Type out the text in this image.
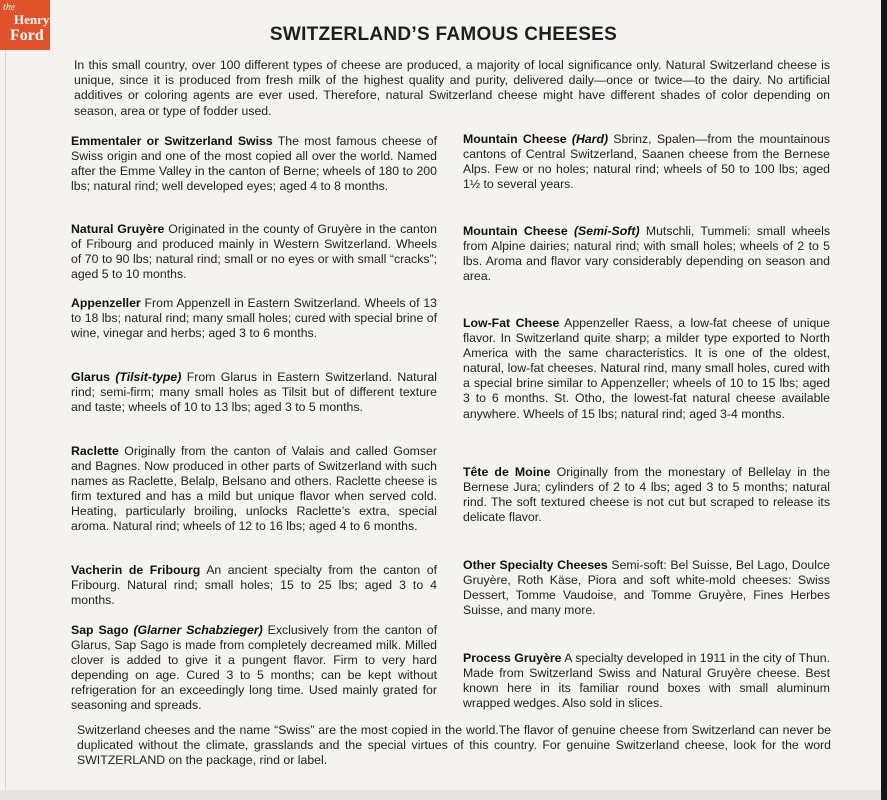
the
Henry
Ford	SWITZERLAND’S FAMOUS CHEESES

In this small country, over 100 different types of cheese are produced, a majority of local significance only. Natural Switzerland cheese is unique, since it is produced from fresh milk of the highest quality and purity, delivered daily—once or twice—to the dairy. No artificial additives or coloring agents are ever used. Therefore, natural Switzerland cheese might have different shades of color depending on season, area or type of fodder used.

Emmentaler or Switzerland Swiss The most famous cheese of Swiss origin and one of the most copied all over the world. Named after the Emme Valley in the canton of Berne; wheels of 180 to 200 lbs; natural rind; well developed eyes; aged 4 to 8 months.

Natural Gruyère Originated in the county of Gruyère in the canton of Fribourg and produced mainly in Western Switzerland. Wheels of 70 to 90 lbs; natural rind; small or no eyes or with small “cracks”; aged 5 to 10 months.

Appenzeller From Appenzell in Eastern Switzerland. Wheels of 13 to 18 lbs; natural rind; many small holes; cured with special brine of wine, vinegar and herbs; aged 3 to 6 months.

Glarus (Tilsit-type) From Glarus in Eastern Switzerland. Natural rind; semi-firm; many small holes as Tilsit but of different texture and taste; wheels of 10 to 13 lbs; aged 3 to 5 months.

Raclette Originally from the canton of Valais and called Gomser and Bagnes. Now produced in other parts of Switzerland with such names as Raclette, Belalp, Belsano and others. Raclette cheese is firm textured and has a mild but unique flavor when served cold. Heating, particularly broiling, unlocks Raclette’s extra, special aroma. Natural rind; wheels of 12 to 16 lbs; aged 4 to 6 months.

Vacherin de Fribourg An ancient specialty from the canton of Fribourg. Natural rind; small holes; 15 to 25 lbs; aged 3 to 4 months.

Sap Sago (Glarner Schabzieger) Exclusively from the canton of Glarus, Sap Sago is made from completely decreamed milk. Milled clover is added to give it a pungent flavor. Firm to very hard depending on age. Cured 3 to 5 months; can be kept without refrigeration for an exceedingly long time. Used mainly grated for seasoning and spreads.

Mountain Cheese (Hard) Sbrinz, Spalen—from the mountainous cantons of Central Switzerland, Saanen cheese from the Bernese Alps. Few or no holes; natural rind; wheels of 50 to 100 lbs; aged 1½ to several years.

Mountain Cheese (Semi-Soft) Mutschli, Tummeli: small wheels from Alpine dairies; natural rind; with small holes; wheels of 2 to 5 lbs. Aroma and flavor vary considerably depending on season and area.

Low-Fat Cheese Appenzeller Raess, a low-fat cheese of unique flavor. In Switzerland quite sharp; a milder type exported to North America with the same characteristics. It is one of the oldest, natural, low-fat cheeses. Natural rind, many small holes, cured with a special brine similar to Appenzeller; wheels of 10 to 15 lbs; aged 3 to 6 months. St. Otho, the lowest-fat natural cheese available anywhere. Wheels of 15 lbs; natural rind; aged 3-4 months.

Tête de Moine Originally from the monestary of Bellelay in the Bernese Jura; cylinders of 2 to 4 lbs; aged 3 to 5 months; natural rind. The soft textured cheese is not cut but scraped to release its delicate flavor.

Other Specialty Cheeses Semi-soft: Bel Suisse, Bel Lago, Doulce Gruyère, Roth Käse, Piora and soft white-mold cheeses: Swiss Dessert, Tomme Vaudoise, and Tomme Gruyère, Fines Herbes Suisse, and many more.

Process Gruyère A specialty developed in 1911 in the city of Thun. Made from Switzerland Swiss and Natural Gruyère cheese. Best known here in its familiar round boxes with small aluminum wrapped wedges. Also sold in slices.

Switzerland cheeses and the name “Swiss” are the most copied in the world.The flavor of genuine cheese from Switzerland can never be duplicated without the climate, grasslands and the special virtues of this country. For genuine Switzerland cheese, look for the word SWITZERLAND on the package, rind or label.
